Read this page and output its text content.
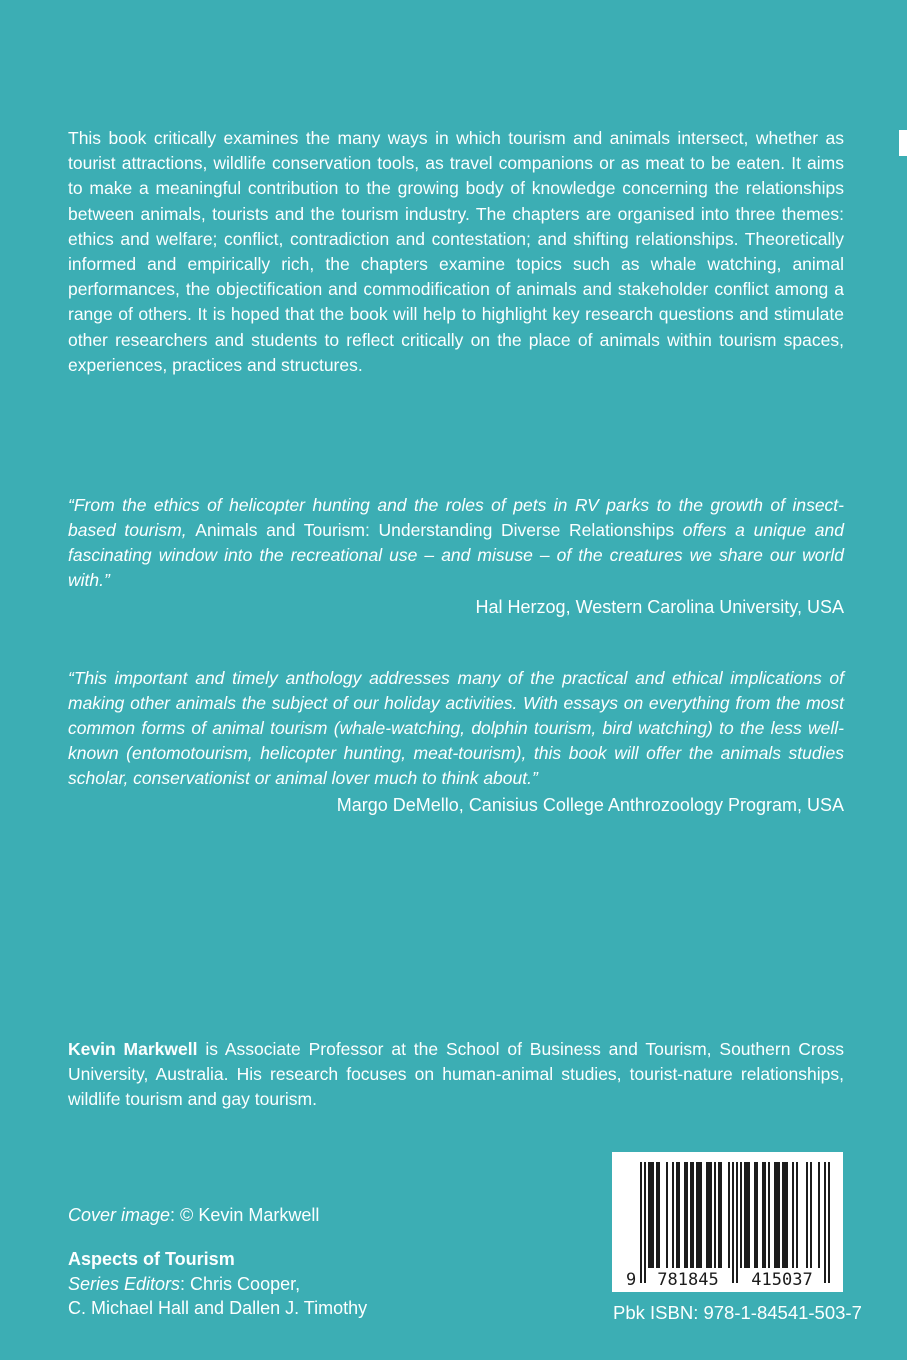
This book critically examines the many ways in which tourism and animals intersect, whether as tourist attractions, wildlife conservation tools, as travel companions or as meat to be eaten. It aims to make a meaningful contribution to the growing body of knowledge concerning the relationships between animals, tourists and the tourism industry. The chapters are organised into three themes: ethics and welfare; conflict, contradiction and contestation; and shifting relationships. Theoretically informed and empirically rich, the chapters examine topics such as whale watching, animal performances, the objectification and commodification of animals and stakeholder conflict among a range of others. It is hoped that the book will help to highlight key research questions and stimulate other researchers and students to reflect critically on the place of animals within tourism spaces, experiences, practices and structures.

“From the ethics of helicopter hunting and the roles of pets in RV parks to the growth of insect-based tourism, Animals and Tourism: Understanding Diverse Relationships offers a unique and fascinating window into the recreational use – and misuse – of the creatures we share our world with.”

Hal Herzog, Western Carolina University, USA

“This important and timely anthology addresses many of the practical and ethical implications of making other animals the subject of our holiday activities. With essays on everything from the most common forms of animal tourism (whale-watching, dolphin tourism, bird watching) to the less well-known (entomotourism, helicopter hunting, meat-tourism), this book will offer the animals studies scholar, conservationist or animal lover much to think about.”

Margo DeMello, Canisius College Anthrozoology Program, USA

Kevin Markwell is Associate Professor at the School of Business and Tourism, Southern Cross University, Australia. His research focuses on human-animal studies, tourist-nature relationships, wildlife tourism and gay tourism.

Cover image: © Kevin Markwell

Aspects of Tourism
Series Editors: Chris Cooper,
C. Michael Hall and Dallen J. Timothy
9 781845 415037

Pbk ISBN: 978-1-84541-503-7
